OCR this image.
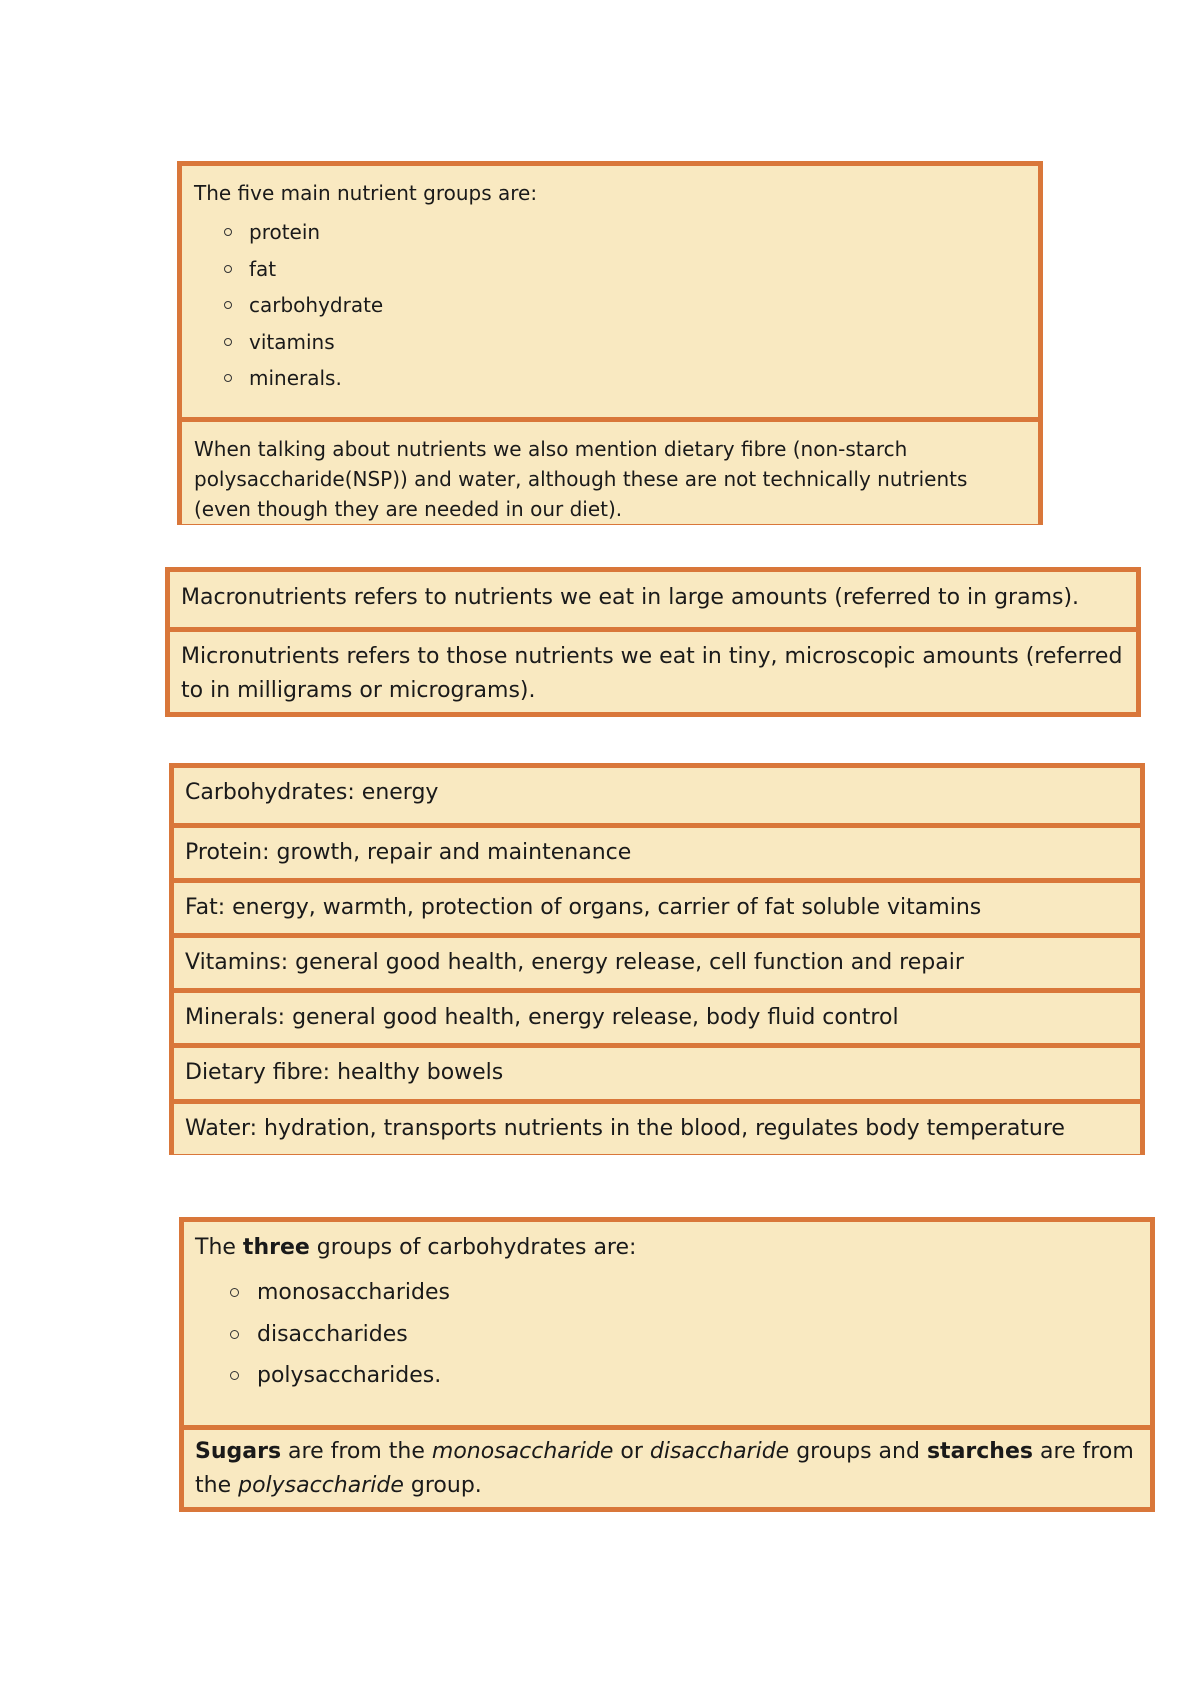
The five main nutrient groups are:
protein
fat
carbohydrate
vitamins
minerals.
When talking about nutrients we also mention dietary fibre (non-starch polysaccharide(NSP)) and water, although these are not technically nutrients (even though they are needed in our diet).
Macronutrients refers to nutrients we eat in large amounts (referred to in grams).
Micronutrients refers to those nutrients we eat in tiny, microscopic amounts (referred to in milligrams or micrograms).
Carbohydrates: energy
Protein: growth, repair and maintenance
Fat: energy, warmth, protection of organs, carrier of fat soluble vitamins
Vitamins: general good health, energy release, cell function and repair
Minerals: general good health, energy release, body fluid control
Dietary fibre: healthy bowels
Water: hydration, transports nutrients in the blood, regulates body temperature
The three groups of carbohydrates are:
monosaccharides
disaccharides
polysaccharides.
Sugars are from the monosaccharide or disaccharide groups and starches are from the polysaccharide group.
